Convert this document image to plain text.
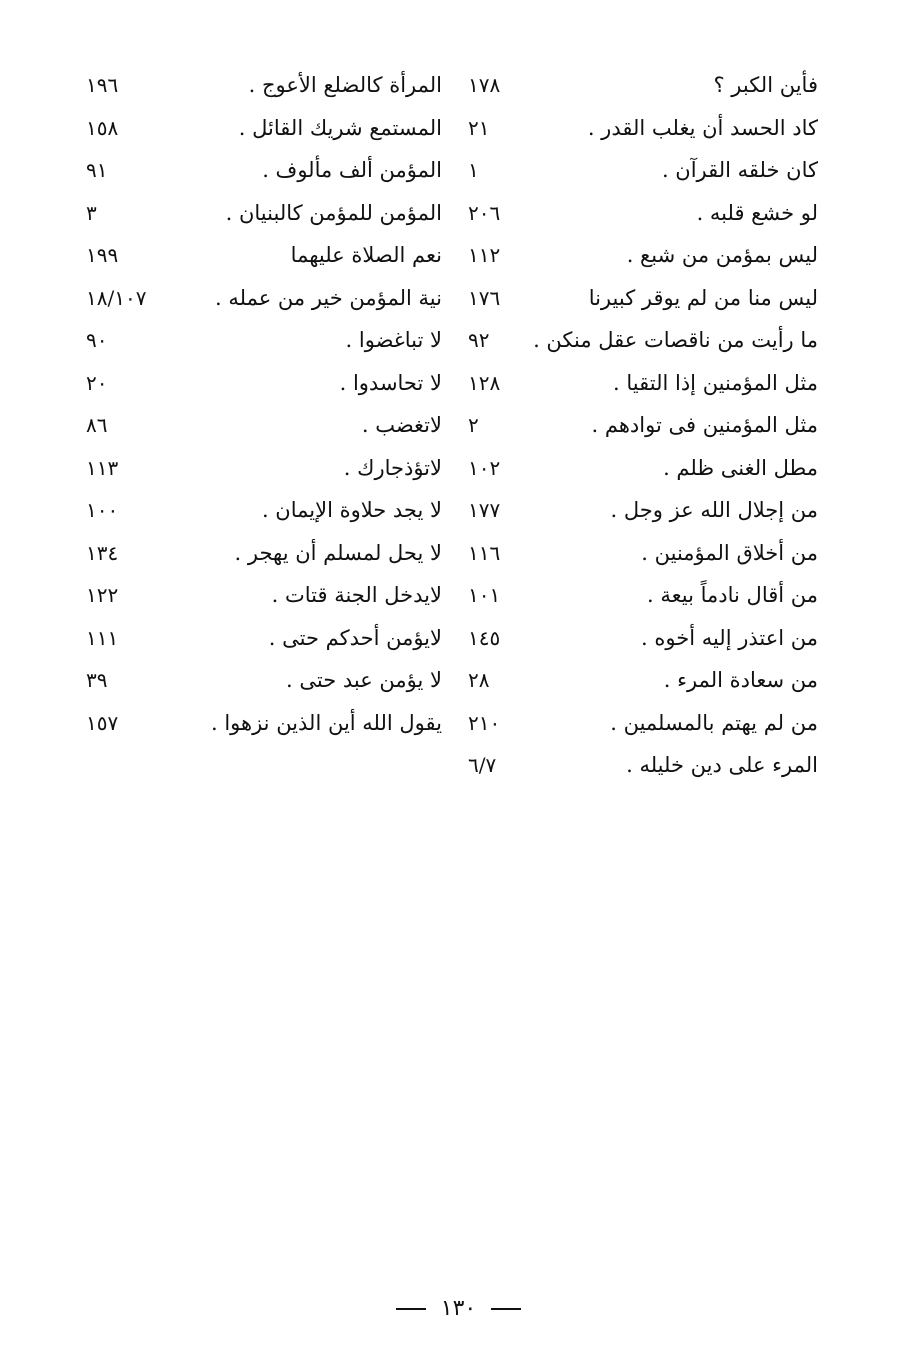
فأين الكبر ؟
١٧٨
كاد الحسد أن يغلب القدر .
٢١
كان خلقه القرآن .
١
لو خشع قلبه .
٢٠٦
ليس بمؤمن من شبع .
١١٢
ليس منا من لم يوقر كبيرنا
١٧٦
ما رأيت من ناقصات عقل منكن .
٩٢
مثل المؤمنين إذا التقيا .
١٢٨
مثل المؤمنين فى توادهم .
٢
مطل الغنى ظلم .
١٠٢
من إجلال الله عز وجل .
١٧٧
من أخلاق المؤمنين .
١١٦
من أقال نادماً بيعة .
١٠١
من اعتذر إليه أخوه .
١٤٥
من سعادة المرء .
٢٨
من لم يهتم بالمسلمين .
٢١٠
المرء على دين خليله .
٦/٧
المرأة كالضلع الأعوج .
١٩٦
المستمع شريك القائل .
١٥٨
المؤمن ألف مألوف .
٩١
المؤمن للمؤمن كالبنيان .
٣
نعم الصلاة عليهما
١٩٩
نية المؤمن خير من عمله .
١٨/١٠٧
لا تباغضوا .
٩٠
لا تحاسدوا .
٢٠
لاتغضب .
٨٦
لاتؤذجارك .
١١٣
لا يجد حلاوة الإيمان .
١٠٠
لا يحل لمسلم أن يهجر .
١٣٤
لايدخل الجنة قتات .
١٢٢
لايؤمن أحدكم حتى .
١١١
لا يؤمن عبد حتى .
٣٩
يقول الله أين الذين نزهوا .
١٥٧
١٣٠
